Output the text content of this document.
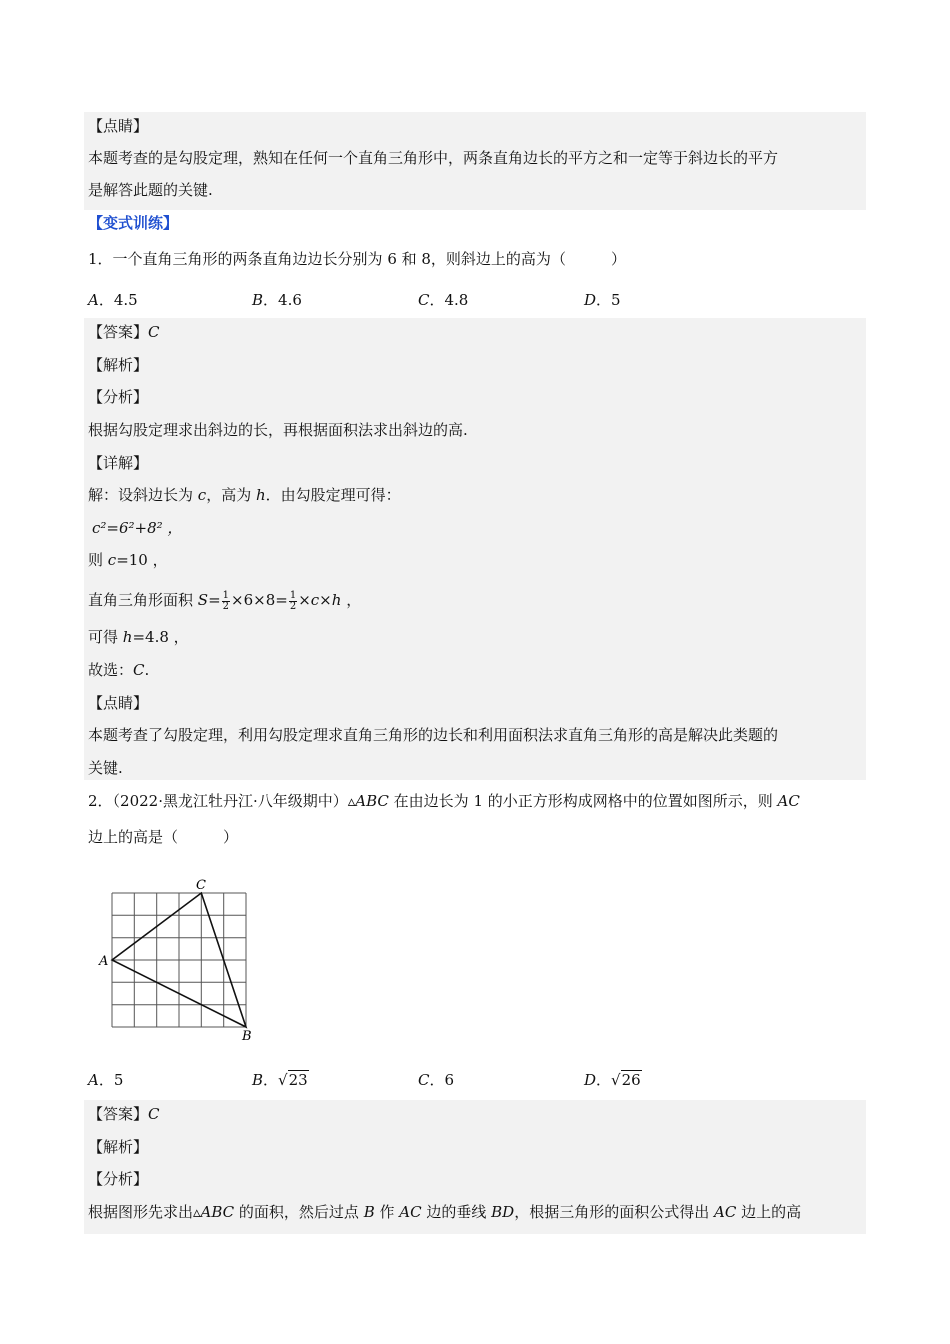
【点睛】
本题考查的是勾股定理，熟知在任何一个直角三角形中，两条直角边长的平方之和一定等于斜边长的平方
是解答此题的关键.
【变式训练】
1．一个直角三角形的两条直角边边长分别为 6 和 8，则斜边上的高为（　　　）
A．4.5	B．4.6	C．4.8	D．5
【答案】C
【解析】
【分析】
根据勾股定理求出斜边的长，再根据面积法求出斜边的高.
【详解】
解：设斜边长为 c，高为 h．由勾股定理可得：
c²=6²+8² ，
则 c=10 ，
直角三角形面积 $S= \frac{1}{2} \times 6\times 8= \frac{1}{2} \times c\times h$ ，
可得 h=4.8 ，
故选：C.
【点睛】
本题考查了勾股定理，利用勾股定理求直角三角形的边长和利用面积法求直角三角形的高是解决此类题的
关键.
2．（2022·黑龙江牡丹江·八年级期中）▵ABC 在由边长为 1 的小正方形构成网格中的位置如图所示，则 AC
边上的高是（　　　）
A
B
C
A．5	B．√23	C．6	D．√26
【答案】C
【解析】
【分析】
根据图形先求出▵ABC 的面积，然后过点 B 作 AC 边的垂线 BD，根据三角形的面积公式得出 AC 边上的高
